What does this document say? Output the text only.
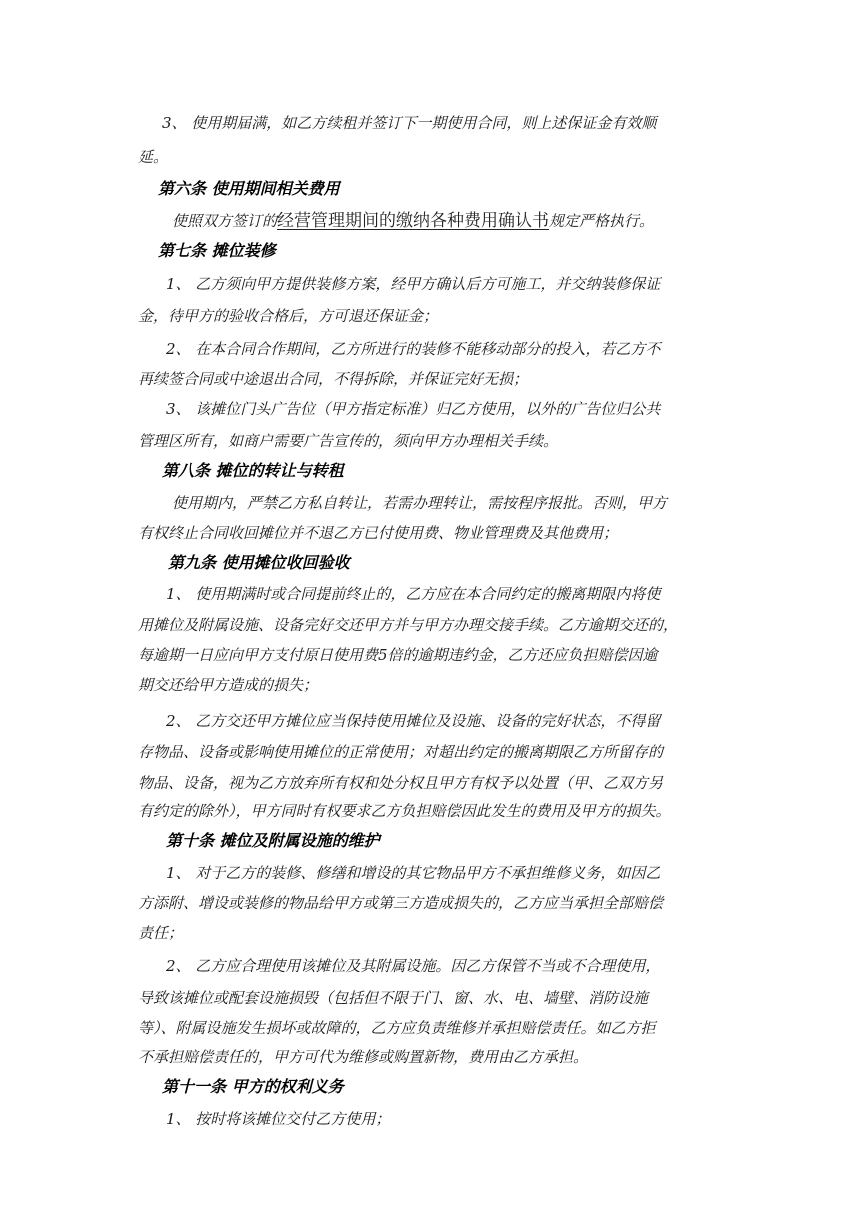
3、 使用期届满，如乙方续租并签订下一期使用合同，则上述保证金有效顺
延。
第六条 使用期间相关费用
使照双方签订的经营管理期间的缴纳各种费用确认书规定严格执行。
第七条 摊位装修
1、 乙方须向甲方提供装修方案，经甲方确认后方可施工，并交纳装修保证
金，待甲方的验收合格后，方可退还保证金；
2、 在本合同合作期间，乙方所进行的装修不能移动部分的投入，若乙方不
再续签合同或中途退出合同，不得拆除，并保证完好无损；
3、 该摊位门头广告位（甲方指定标准）归乙方使用，以外的广告位归公共
管理区所有，如商户需要广告宣传的，须向甲方办理相关手续。
第八条 摊位的转让与转租
使用期内，严禁乙方私自转让，若需办理转让，需按程序报批。否则，甲方
有权终止合同收回摊位并不退乙方已付使用费、物业管理费及其他费用；
第九条 使用摊位收回验收
1、 使用期满时或合同提前终止的，乙方应在本合同约定的搬离期限内将使
用摊位及附属设施、设备完好交还甲方并与甲方办理交接手续。乙方逾期交还的，
每逾期一日应向甲方支付原日使用费5倍的逾期违约金，乙方还应负担赔偿因逾
期交还给甲方造成的损失；
2、 乙方交还甲方摊位应当保持使用摊位及设施、设备的完好状态，不得留
存物品、设备或影响使用摊位的正常使用；对超出约定的搬离期限乙方所留存的
物品、设备，视为乙方放弃所有权和处分权且甲方有权予以处置（甲、乙双方另
有约定的除外），甲方同时有权要求乙方负担赔偿因此发生的费用及甲方的损失。
第十条 摊位及附属设施的维护
1、 对于乙方的装修、修缮和增设的其它物品甲方不承担维修义务，如因乙
方添附、增设或装修的物品给甲方或第三方造成损失的，乙方应当承担全部赔偿
责任；
2、 乙方应合理使用该摊位及其附属设施。因乙方保管不当或不合理使用，
导致该摊位或配套设施损毁（包括但不限于门、窗、水、电、墙壁、消防设施
等）、附属设施发生损坏或故障的，乙方应负责维修并承担赔偿责任。如乙方拒
不承担赔偿责任的，甲方可代为维修或购置新物，费用由乙方承担。
第十一条 甲方的权利义务
1、 按时将该摊位交付乙方使用；
